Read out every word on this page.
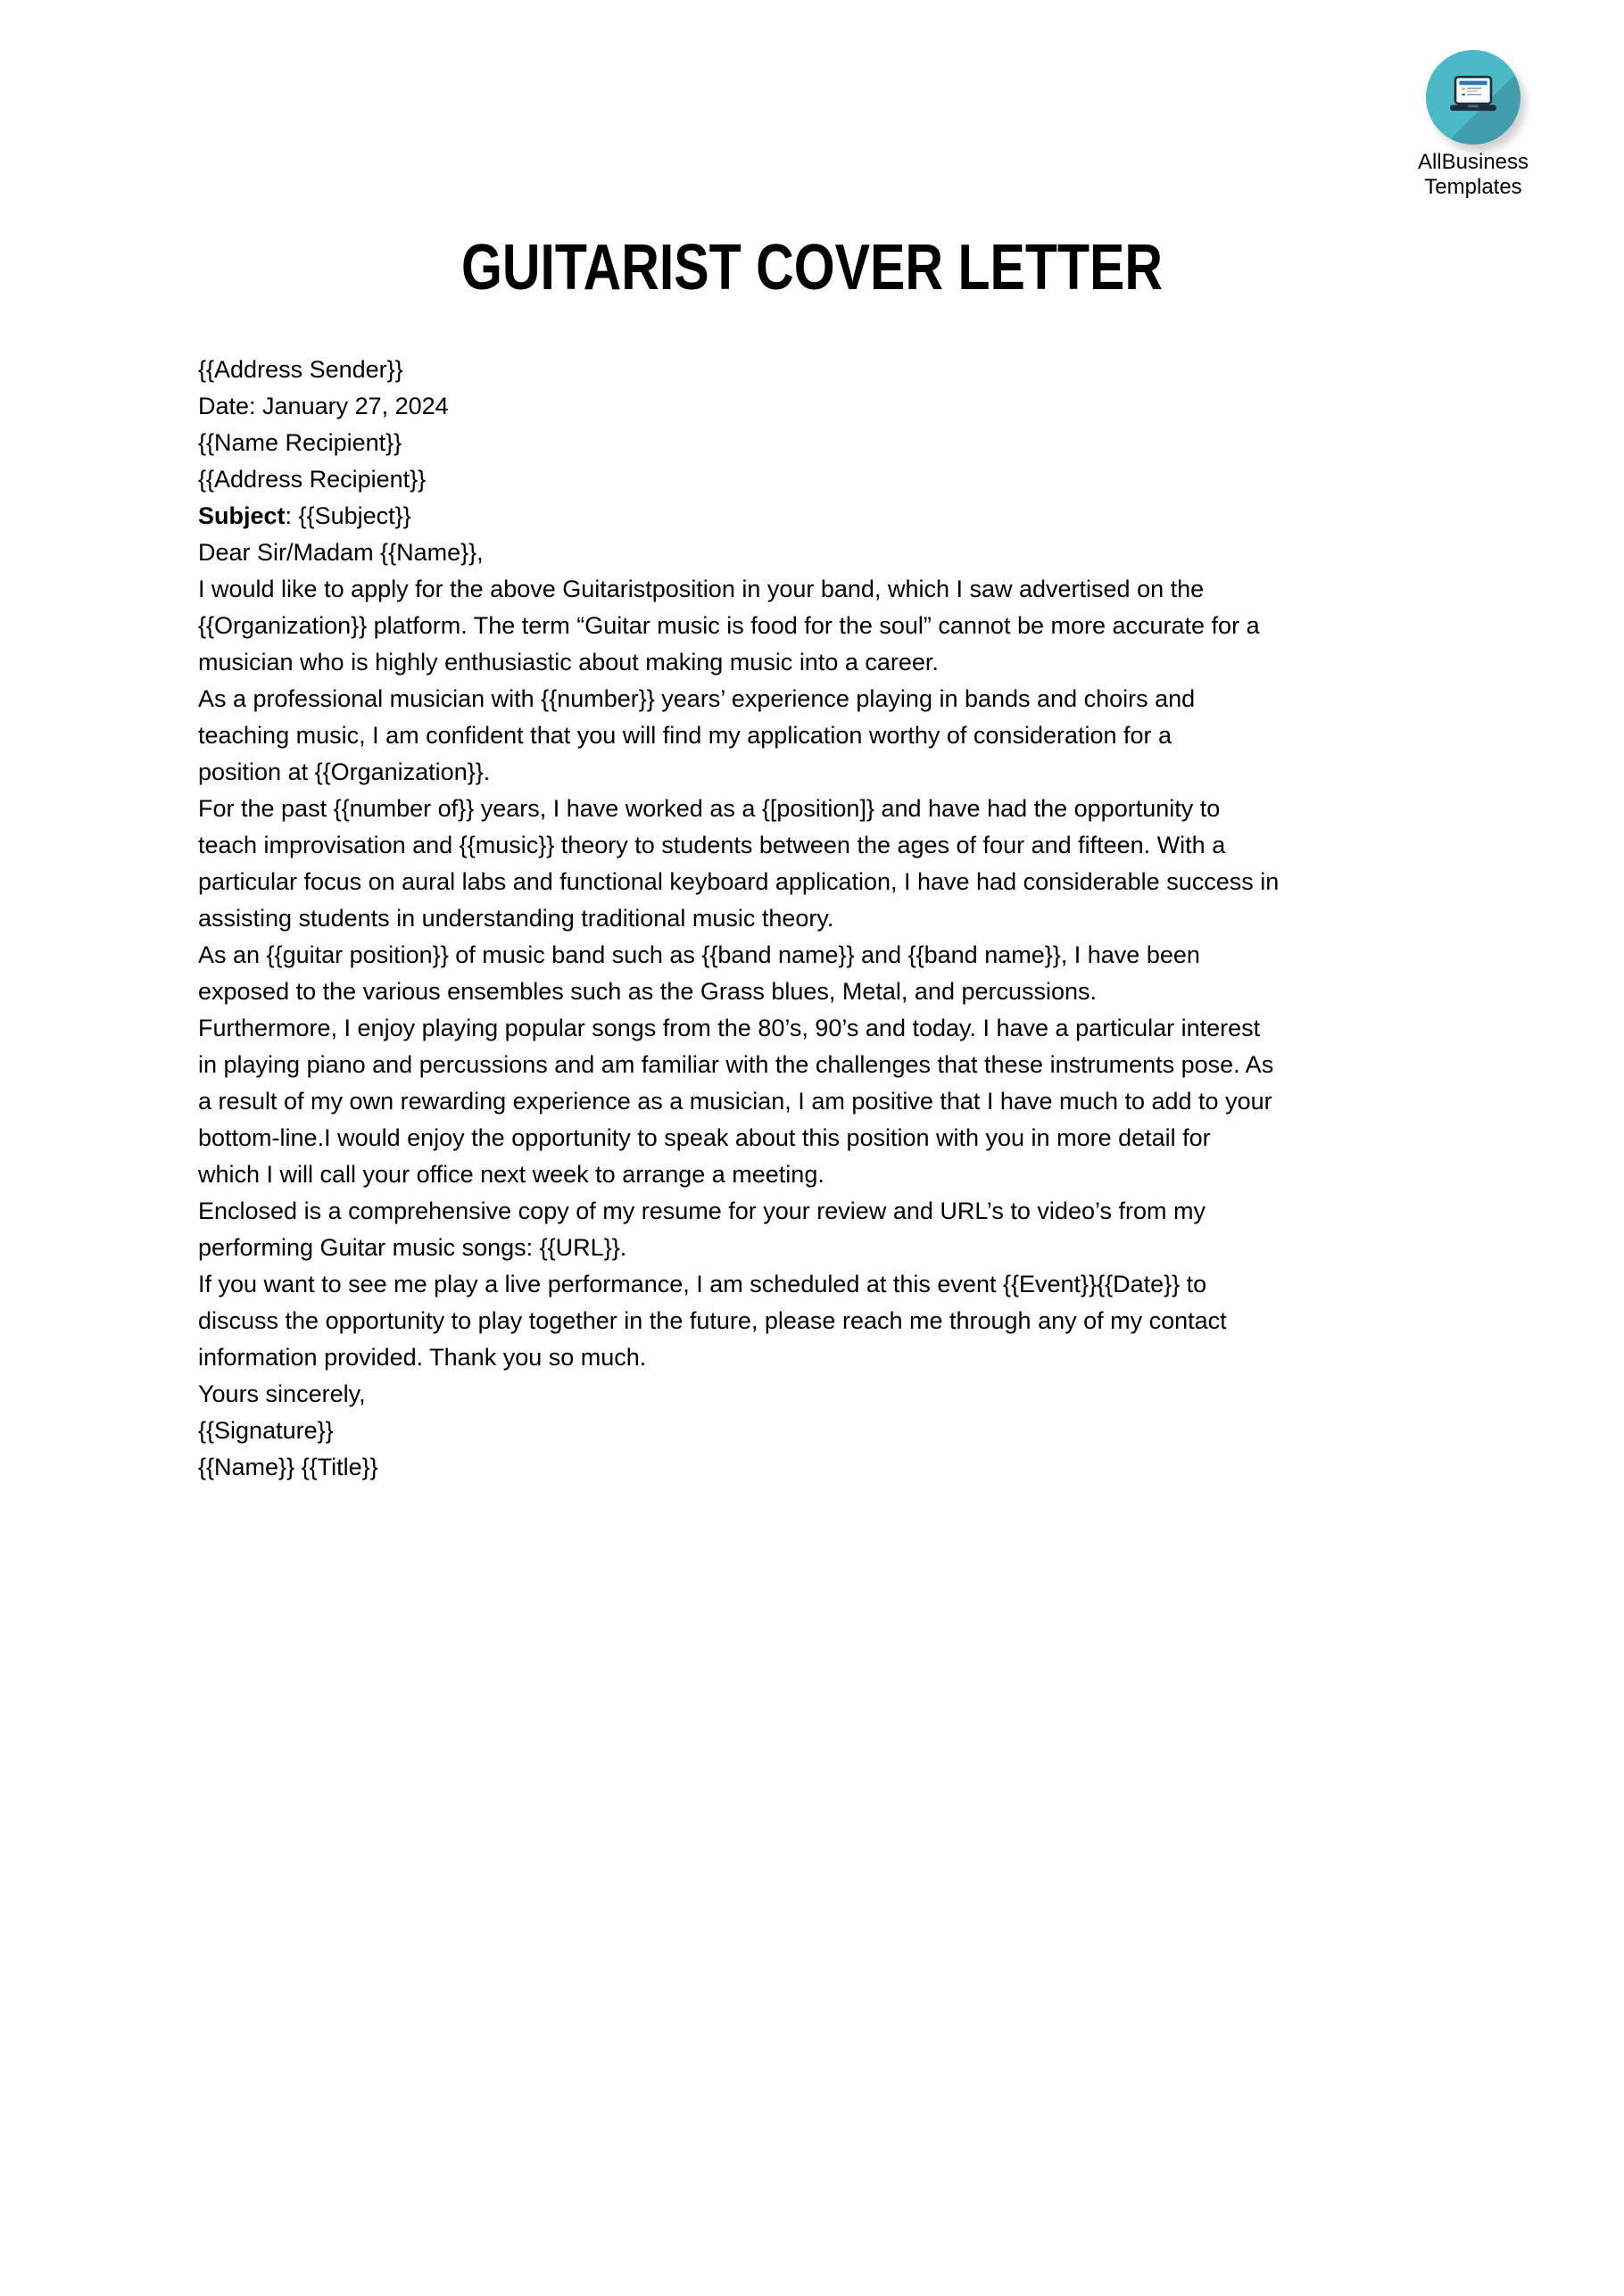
AllBusiness
Templates
GUITARIST COVER LETTER

{{Address Sender}}

Date: January 27, 2024

{{Name Recipient}}
{{Address Recipient}}

Subject: {{Subject}}

Dear Sir/Madam {{Name}},

I would like to apply for the above Guitaristposition in your band, which I saw advertised on the
{{Organization}} platform. The term “Guitar music is food for the soul” cannot be more accurate for a
musician who is highly enthusiastic about making music into a career.

As a professional musician with {{number}} years’ experience playing in bands and choirs and
teaching music, I am confident that you will find my application worthy of consideration for a
position at {{Organization}}.

For the past {{number of}} years, I have worked as a {[position]} and have had the opportunity to
teach improvisation and {{music}} theory to students between the ages of four and fifteen. With a
particular focus on aural labs and functional keyboard application, I have had considerable success in
assisting students in understanding traditional music theory.

As an {{guitar position}} of music band such as {{band name}} and {{band name}}, I have been
exposed to the various ensembles such as the Grass blues, Metal, and percussions.

Furthermore, I enjoy playing popular songs from the 80’s, 90’s and today. I have a particular interest
in playing piano and percussions and am familiar with the challenges that these instruments pose. As
a result of my own rewarding experience as a musician, I am positive that I have much to add to your
bottom-line.I would enjoy the opportunity to speak about this position with you in more detail for
which I will call your office next week to arrange a meeting.

Enclosed is a comprehensive copy of my resume for your review and URL’s to video’s from my
performing Guitar music songs: {{URL}}.

If you want to see me play a live performance, I am scheduled at this event {{Event}}{{Date}} to
discuss the opportunity to play together in the future, please reach me through any of my contact
information provided. Thank you so much.

Yours sincerely,
{{Signature}}
{{Name}} {{Title}}
